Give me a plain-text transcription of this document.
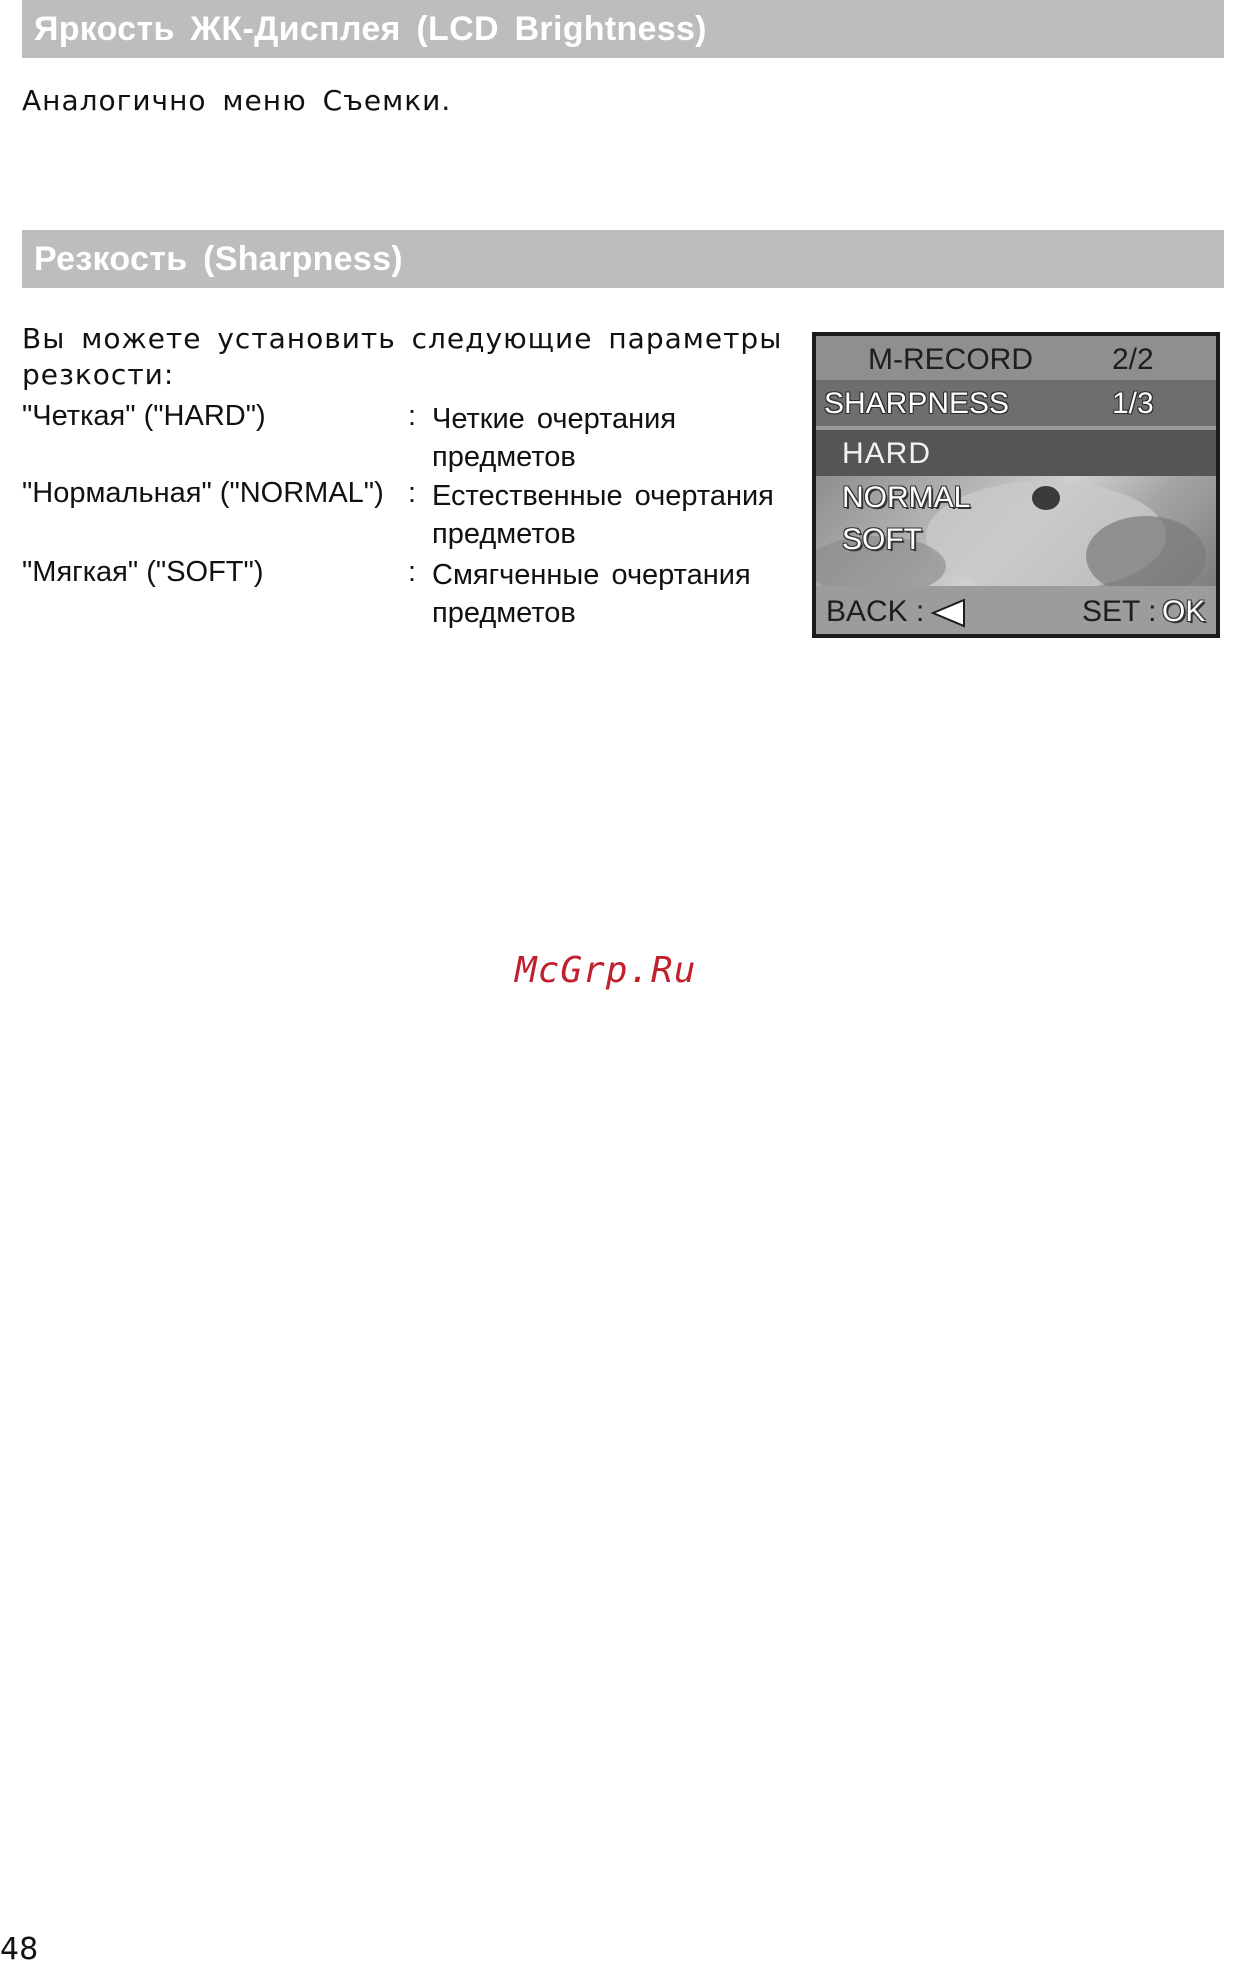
Яркость ЖК-Дисплея (LCD Brightness)
Аналогично меню Съемки.
Резкость (Sharpness)
Вы можете установить следующие параметры
резкости:
"Четкая" ("HARD")	: Четкие очертания
предметов
"Нормальная" ("NORMAL") : Естественные очертания
предметов
"Мягкая" ("SOFT")	: Смягченные очертания
предметов
M-RECORD	2/2
SHARPNESS	1/3
HARD
NORMAL
SOFT
BACK :	SET : OK
McGrp.Ru
48
